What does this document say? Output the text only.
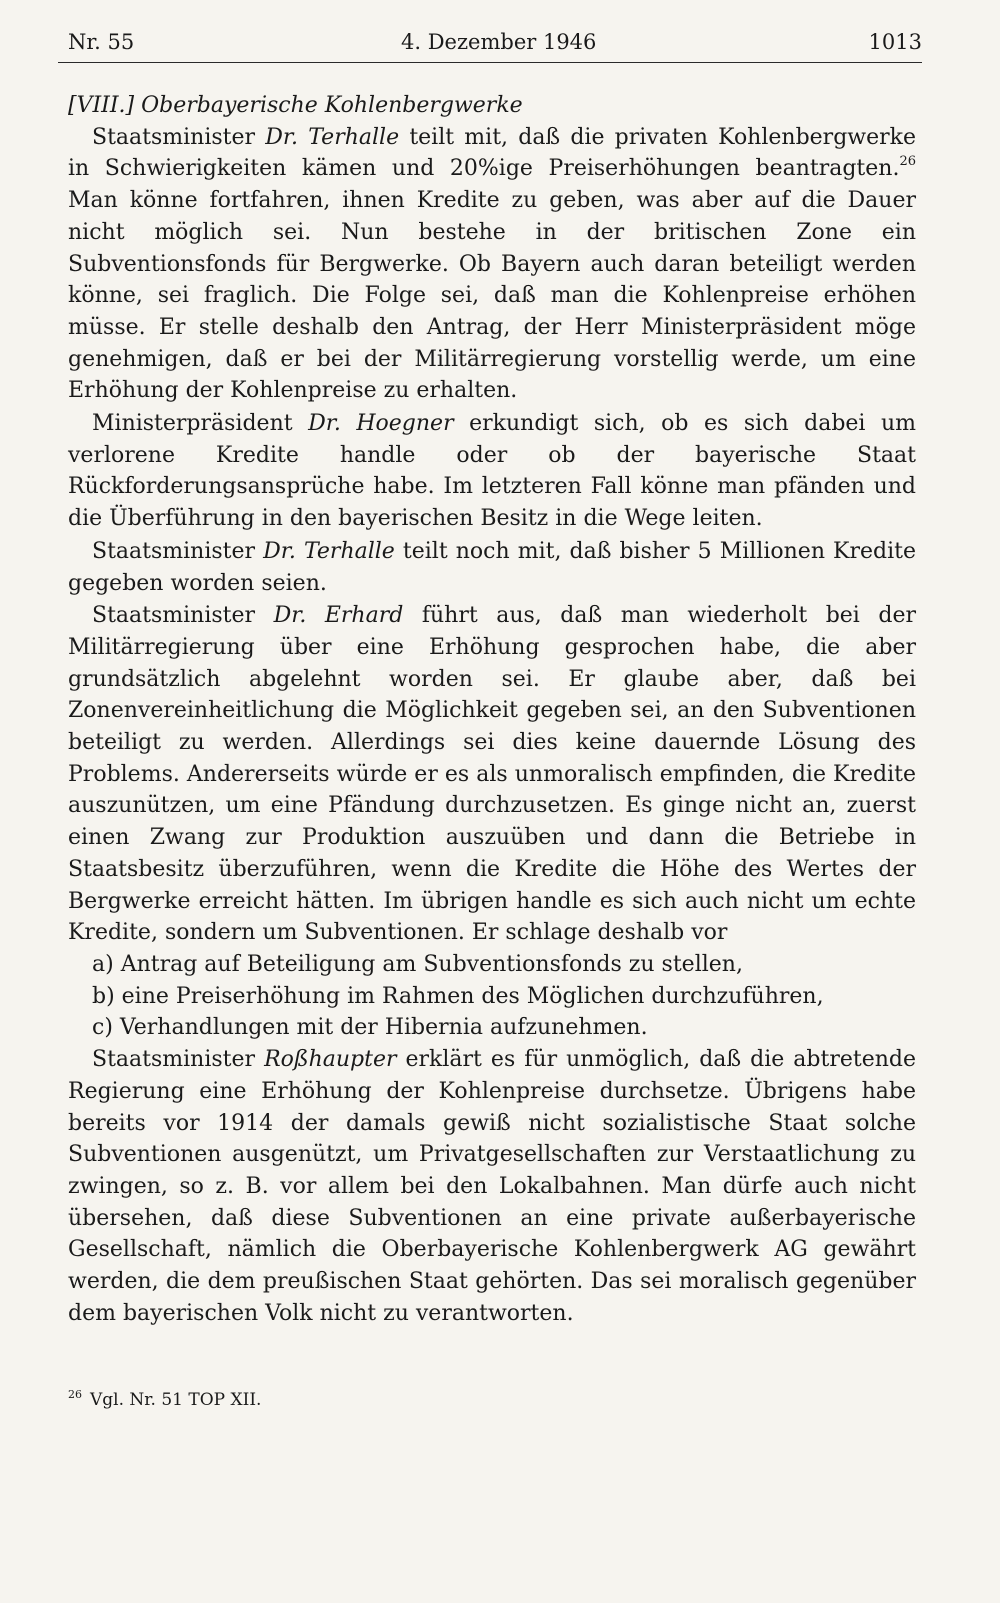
Nr. 55	4. Dezember 1946	1013

[VIII.] Oberbayerische Kohlenbergwerke

Staatsminister Dr. Terhalle teilt mit, daß die privaten Kohlenbergwerke in Schwierigkeiten kämen und 20%ige Preiserhöhungen beantragten.$^{26}$ Man könne fortfahren, ihnen Kredite zu geben, was aber auf die Dauer nicht möglich sei. Nun bestehe in der britischen Zone ein Subventionsfonds für Bergwerke. Ob Bayern auch daran beteiligt werden könne, sei fraglich. Die Folge sei, daß man die Kohlenpreise erhöhen müsse. Er stelle deshalb den Antrag, der Herr Ministerpräsident möge genehmigen, daß er bei der Militärregierung vorstellig werde, um eine Erhöhung der Kohlenpreise zu erhalten.

Ministerpräsident Dr. Hoegner erkundigt sich, ob es sich dabei um verlorene Kredite handle oder ob der bayerische Staat Rückforderungsansprüche habe. Im letzteren Fall könne man pfänden und die Überführung in den bayerischen Besitz in die Wege leiten.

Staatsminister Dr. Terhalle teilt noch mit, daß bisher 5 Millionen Kredite gegeben worden seien.

Staatsminister Dr. Erhard führt aus, daß man wiederholt bei der Militärregierung über eine Erhöhung gesprochen habe, die aber grundsätzlich abgelehnt worden sei. Er glaube aber, daß bei Zonenvereinheitlichung die Möglichkeit gegeben sei, an den Subventionen beteiligt zu werden. Allerdings sei dies keine dauernde Lösung des Problems. Andererseits würde er es als unmoralisch empfinden, die Kredite auszunützen, um eine Pfändung durchzusetzen. Es ginge nicht an, zuerst einen Zwang zur Produktion auszuüben und dann die Betriebe in Staatsbesitz überzuführen, wenn die Kredite die Höhe des Wertes der Bergwerke erreicht hätten. Im übrigen handle es sich auch nicht um echte Kredite, sondern um Subventionen. Er schlage deshalb vor

a) Antrag auf Beteiligung am Subventionsfonds zu stellen,
b) eine Preiserhöhung im Rahmen des Möglichen durchzuführen,
c) Verhandlungen mit der Hibernia aufzunehmen.

Staatsminister Roßhaupter erklärt es für unmöglich, daß die abtretende Regierung eine Erhöhung der Kohlenpreise durchsetze. Übrigens habe bereits vor 1914 der damals gewiß nicht sozialistische Staat solche Subventionen ausgenützt, um Privatgesellschaften zur Verstaatlichung zu zwingen, so z. B. vor allem bei den Lokalbahnen. Man dürfe auch nicht übersehen, daß diese Subventionen an eine private außerbayerische Gesellschaft, nämlich die Oberbayerische Kohlenbergwerk AG gewährt werden, die dem preußischen Staat gehörten. Das sei moralisch gegenüber dem bayerischen Volk nicht zu verantworten.

$^{26}$ Vgl. Nr. 51 TOP XII.
